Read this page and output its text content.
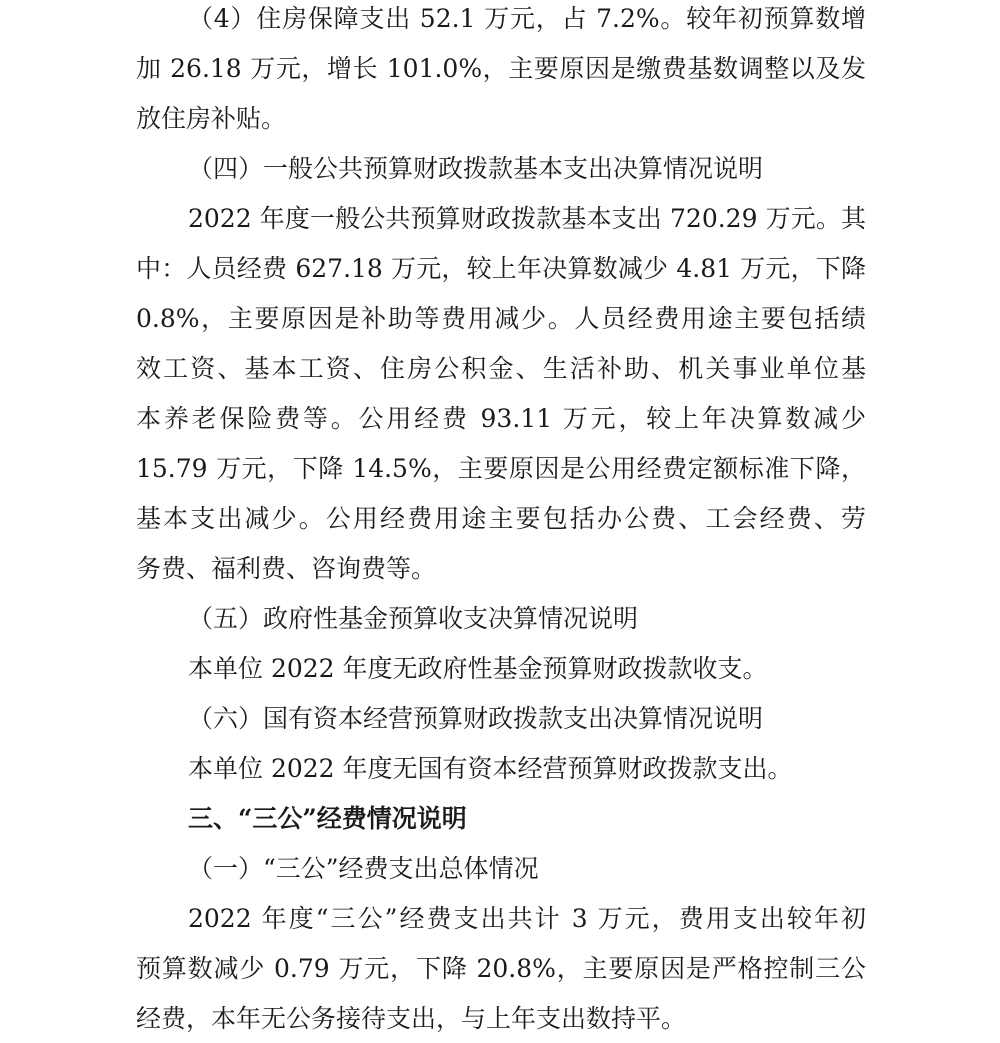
（4）住房保障支出 52.1 万元，占 7.2%。较年初预算数增
加 26.18 万元，增长 101.0%，主要原因是缴费基数调整以及发
放住房补贴。
（四）一般公共预算财政拨款基本支出决算情况说明
2022 年度一般公共预算财政拨款基本支出 720.29 万元。其
中：人员经费 627.18 万元，较上年决算数减少 4.81 万元，下降
0.8%，主要原因是补助等费用减少。人员经费用途主要包括绩
效工资、基本工资、住房公积金、生活补助、机关事业单位基
本养老保险费等。公用经费 93.11 万元，较上年决算数减少
15.79 万元，下降 14.5%，主要原因是公用经费定额标准下降，
基本支出减少。公用经费用途主要包括办公费、工会经费、劳
务费、福利费、咨询费等。
（五）政府性基金预算收支决算情况说明
本单位 2022 年度无政府性基金预算财政拨款收支。
（六）国有资本经营预算财政拨款支出决算情况说明
本单位 2022 年度无国有资本经营预算财政拨款支出。
三、“三公”经费情况说明
（一）“三公”经费支出总体情况
2022 年度“三公”经费支出共计 3 万元，费用支出较年初
预算数减少 0.79 万元，下降 20.8%，主要原因是严格控制三公
经费，本年无公务接待支出，与上年支出数持平。
